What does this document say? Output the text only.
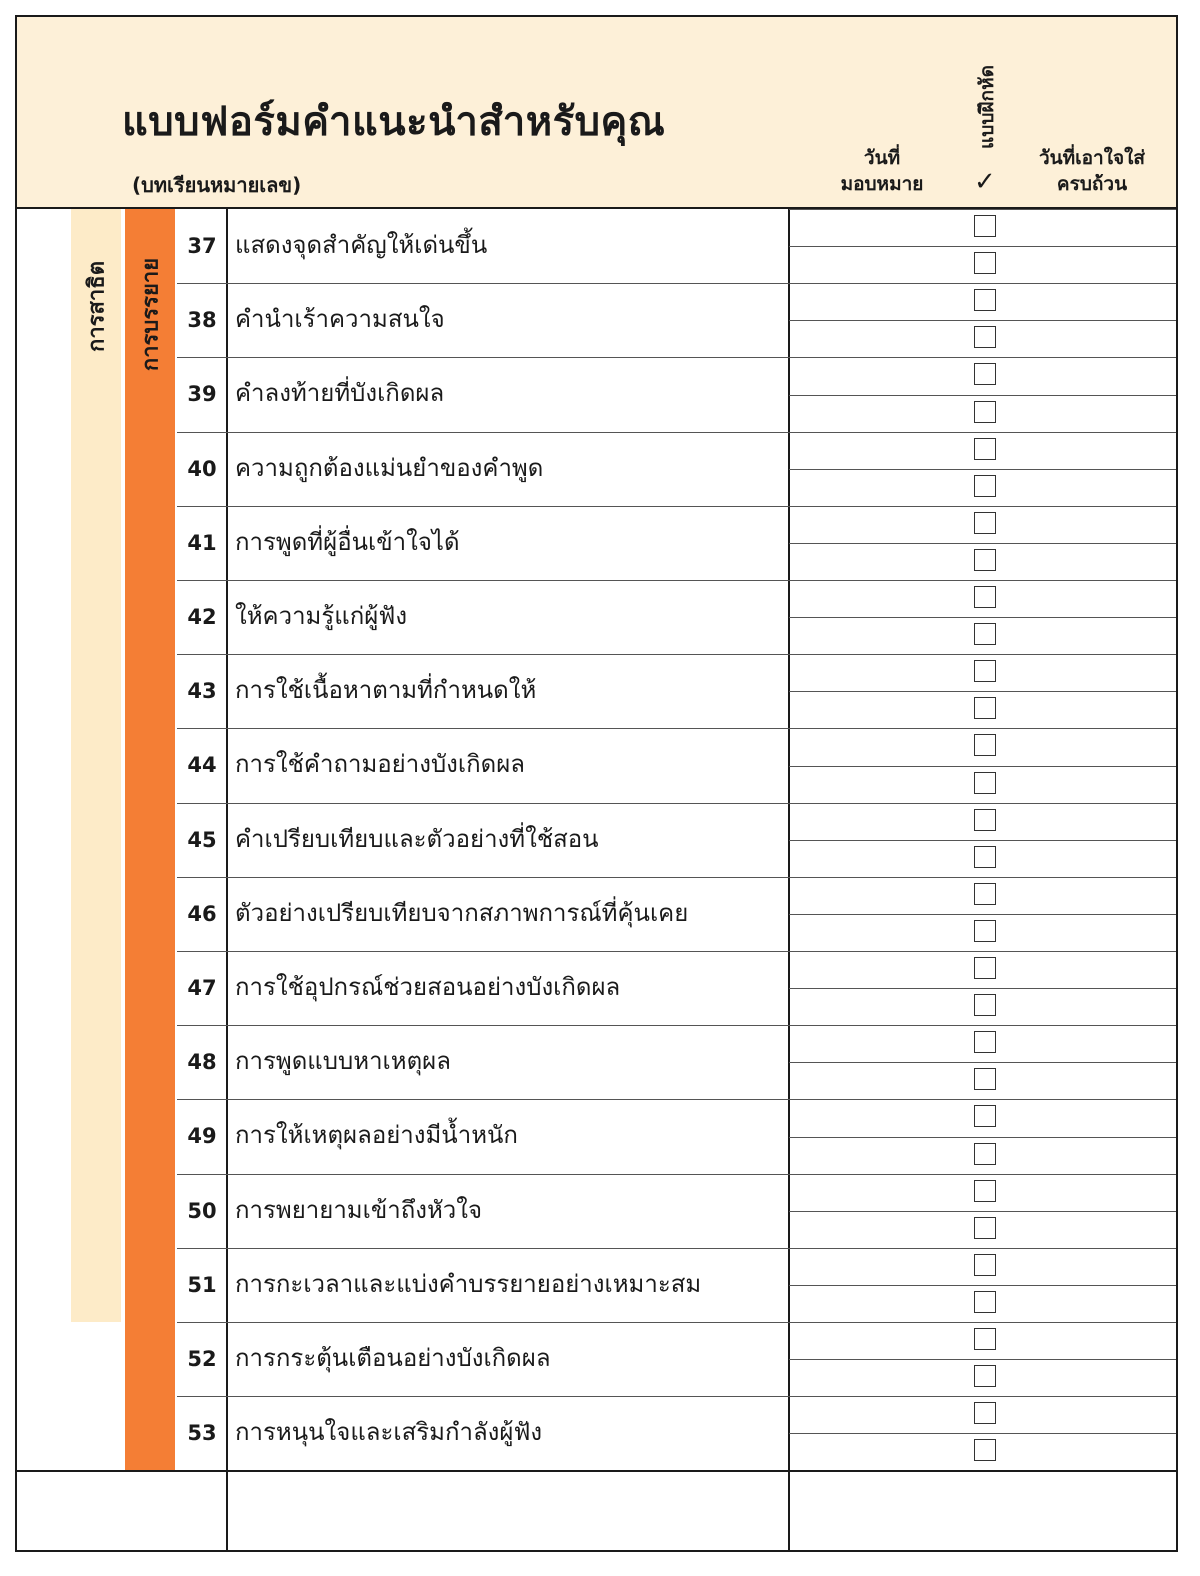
แบบฟอร์มคำแนะนำสำหรับคุณ
(บทเรียนหมายเลข)
วันที่
มอบหมาย
แบบฝึกหัด
✓
วันที่เอาใจใส่
ครบถ้วน
การสาธิต การบรรยาย
37 แสดงจุดสำคัญให้เด่นขึ้น
38 คำนำเร้าความสนใจ
39 คำลงท้ายที่บังเกิดผล
40 ความถูกต้องแม่นยำของคำพูด
41 การพูดที่ผู้อื่นเข้าใจได้
42 ให้ความรู้แก่ผู้ฟัง
43 การใช้เนื้อหาตามที่กำหนดให้
44 การใช้คำถามอย่างบังเกิดผล
45 คำเปรียบเทียบและตัวอย่างที่ใช้สอน
46 ตัวอย่างเปรียบเทียบจากสภาพการณ์ที่คุ้นเคย
47 การใช้อุปกรณ์ช่วยสอนอย่างบังเกิดผล
48 การพูดแบบหาเหตุผล
49 การให้เหตุผลอย่างมีน้ำหนัก
50 การพยายามเข้าถึงหัวใจ
51 การกะเวลาและแบ่งคำบรรยายอย่างเหมาะสม
52 การกระตุ้นเตือนอย่างบังเกิดผล
53 การหนุนใจและเสริมกำลังผู้ฟัง
